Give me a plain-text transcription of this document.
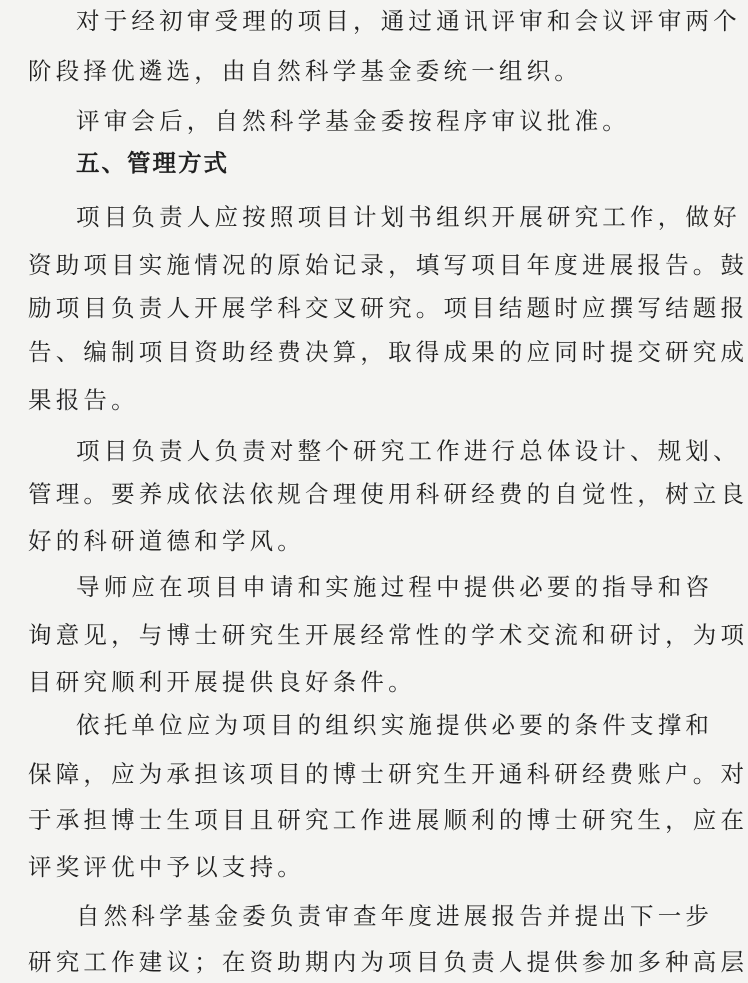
对于经初审受理的项目，通过通讯评审和会议评审两个
阶段择优遴选，由自然科学基金委统一组织。
评审会后，自然科学基金委按程序审议批准。
五、管理方式
项目负责人应按照项目计划书组织开展研究工作，做好
资助项目实施情况的原始记录，填写项目年度进展报告。鼓
励项目负责人开展学科交叉研究。项目结题时应撰写结题报
告、编制项目资助经费决算，取得成果的应同时提交研究成
果报告。
项目负责人负责对整个研究工作进行总体设计、规划、
管理。要养成依法依规合理使用科研经费的自觉性，树立良
好的科研道德和学风。
导师应在项目申请和实施过程中提供必要的指导和咨
询意见，与博士研究生开展经常性的学术交流和研讨，为项
目研究顺利开展提供良好条件。
依托单位应为项目的组织实施提供必要的条件支撑和
保障，应为承担该项目的博士研究生开通科研经费账户。对
于承担博士生项目且研究工作进展顺利的博士研究生，应在
评奖评优中予以支持。
自然科学基金委负责审查年度进展报告并提出下一步
研究工作建议；在资助期内为项目负责人提供参加多种高层
